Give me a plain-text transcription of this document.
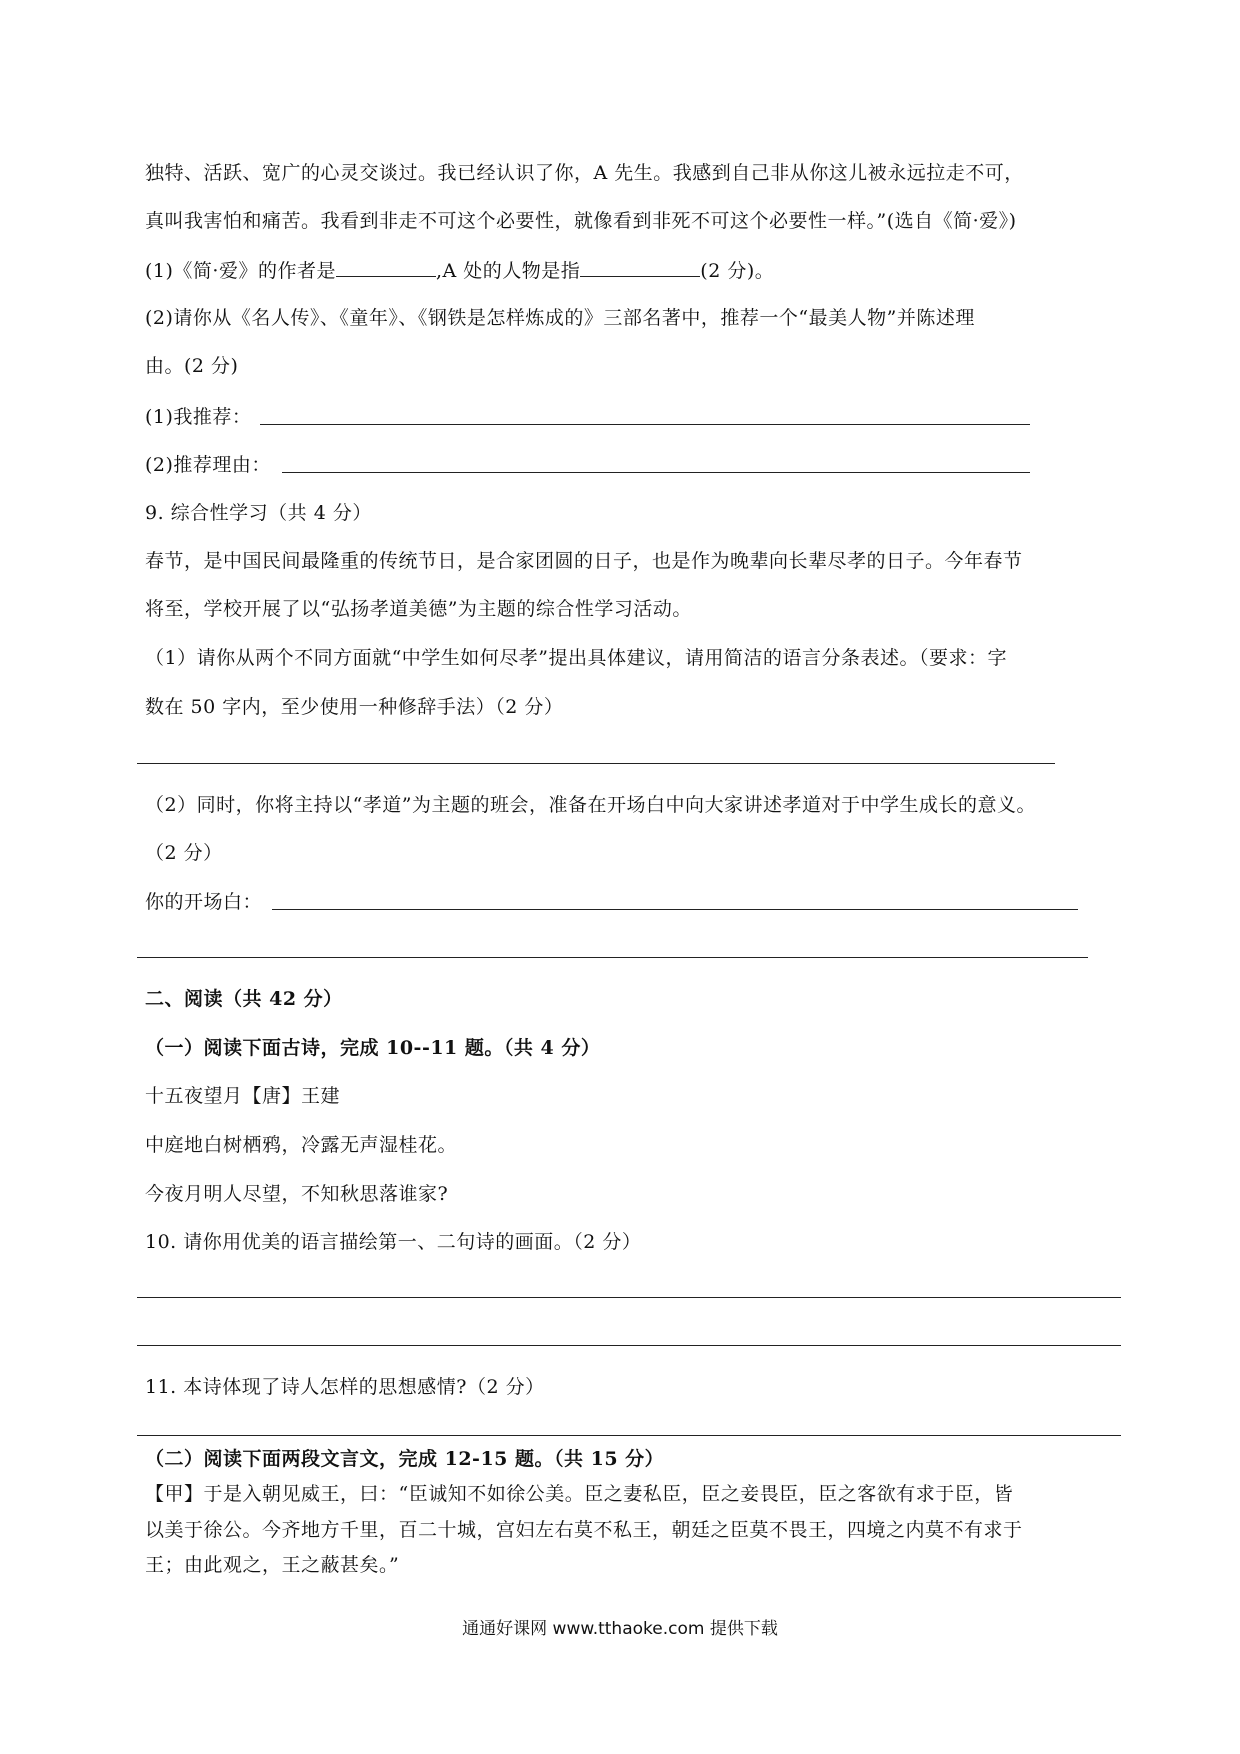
独特、活跃、宽广的心灵交谈过。我已经认识了你，A 先生。我感到自己非从你这儿被永远拉走不可，
真叫我害怕和痛苦。我看到非走不可这个必要性，就像看到非死不可这个必要性一样。”(选自《简·爱》)
(1)《简·爱》的作者是	,A 处的人物是指	(2 分)。
(2)请你从《名人传》、《童年》、《钢铁是怎样炼成的》三部名著中，推荐一个“最美人物”并陈述理
由。(2 分)
(1)我推荐：
(2)推荐理由：
9. 综合性学习（共 4 分）
春节，是中国民间最隆重的传统节日，是合家团圆的日子，也是作为晚辈向长辈尽孝的日子。今年春节
将至，学校开展了以“弘扬孝道美德”为主题的综合性学习活动。
（1）请你从两个不同方面就“中学生如何尽孝”提出具体建议，请用简洁的语言分条表述。（要求：字
数在 50 字内，至少使用一种修辞手法）（2 分）
（2）同时，你将主持以“孝道”为主题的班会，准备在开场白中向大家讲述孝道对于中学生成长的意义。
（2 分）
你的开场白：
二、阅读（共 42 分）
（一）阅读下面古诗，完成 10--11 题。（共 4 分）
十五夜望月【唐】王建
中庭地白树栖鸦，冷露无声湿桂花。
今夜月明人尽望，不知秋思落谁家?
10. 请你用优美的语言描绘第一、二句诗的画面。（2 分）
11. 本诗体现了诗人怎样的思想感情?（2 分）
（二）阅读下面两段文言文，完成 12-15 题。（共 15 分）
【甲】于是入朝见威王，曰：“臣诚知不如徐公美。臣之妻私臣，臣之妾畏臣，臣之客欲有求于臣，皆
以美于徐公。今齐地方千里，百二十城，宫妇左右莫不私王，朝廷之臣莫不畏王，四境之内莫不有求于
王；由此观之，王之蔽甚矣。”
通通好课网 www.tthaoke.com 提供下载
